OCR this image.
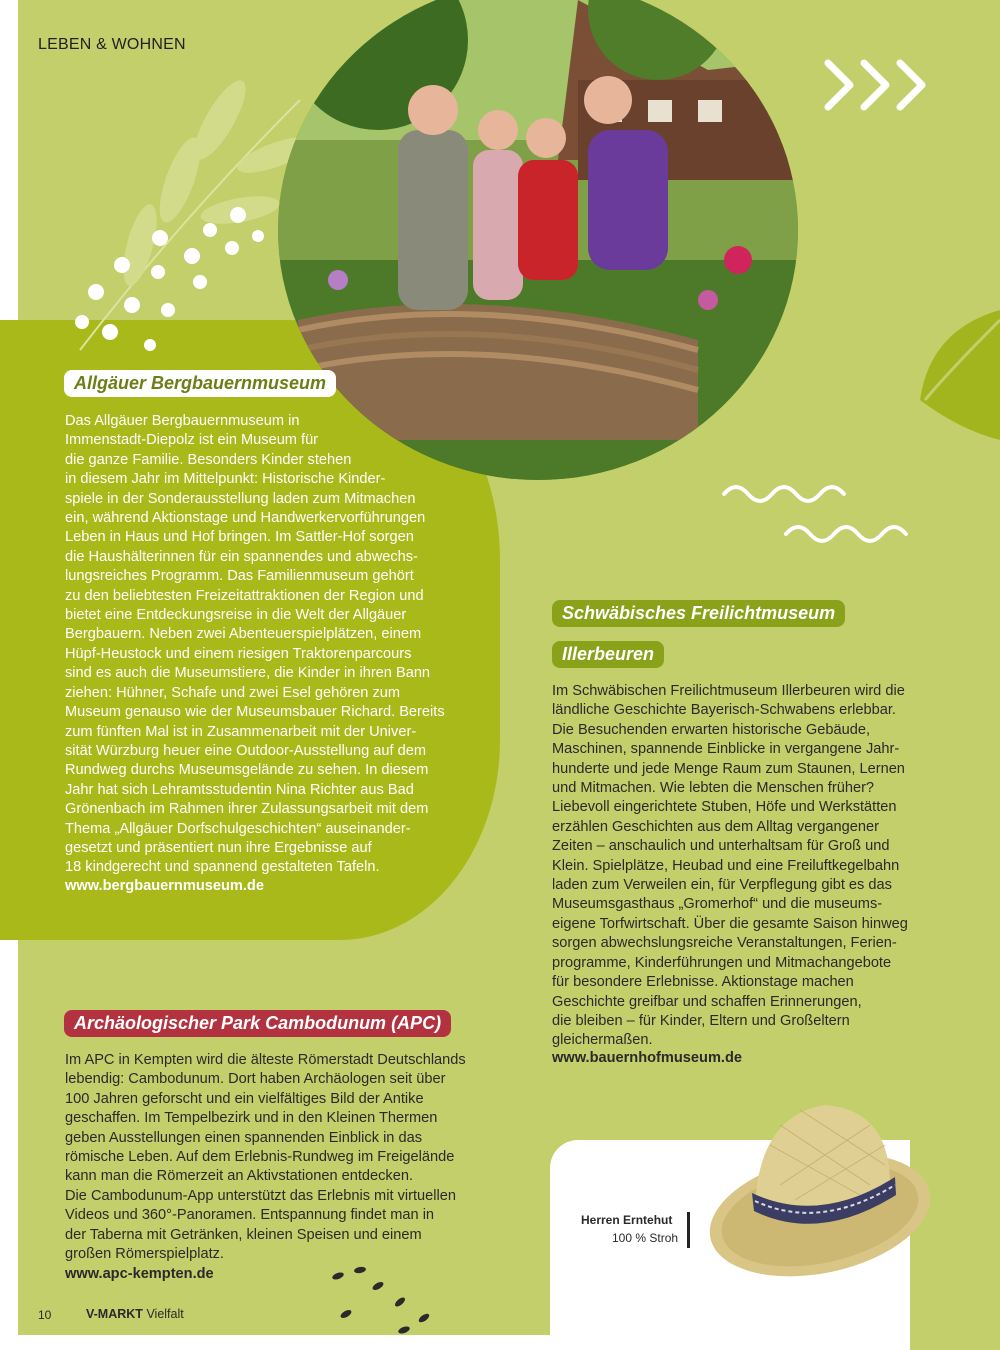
LEBEN & WOHNEN
Allgäuer Bergbauernmuseum
Das Allgäuer Bergbauernmuseum in
Immenstadt-Diepolz ist ein Museum für
die ganze Familie. Besonders Kinder stehen
in diesem Jahr im Mittelpunkt: Historische Kinder-
spiele in der Sonderausstellung laden zum Mitmachen
ein, während Aktionstage und Handwerkervorführungen
Leben in Haus und Hof bringen. Im Sattler-Hof sorgen
die Haushälterinnen für ein spannendes und abwechs-
lungsreiches Programm. Das Familienmuseum gehört
zu den beliebtesten Freizeitattraktionen der Region und
bietet eine Entdeckungsreise in die Welt der Allgäuer
Bergbauern. Neben zwei Abenteuerspielplätzen, einem
Hüpf-Heustock und einem riesigen Traktorenparcours
sind es auch die Museumstiere, die Kinder in ihren Bann
ziehen: Hühner, Schafe und zwei Esel gehören zum
Museum genauso wie der Museumsbauer Richard. Bereits
zum fünften Mal ist in Zusammenarbeit mit der Univer-
sität Würzburg heuer eine Outdoor-Ausstellung auf dem
Rundweg durchs Museumsgelände zu sehen. In diesem
Jahr hat sich Lehramtsstudentin Nina Richter aus Bad
Grönenbach im Rahmen ihrer Zulassungsarbeit mit dem
Thema „Allgäuer Dorfschulgeschichten“ auseinander-
gesetzt und präsentiert nun ihre Ergebnisse auf
18 kindgerecht und spannend gestalteten Tafeln.
www.bergbauernmuseum.de
Schwäbisches Freilichtmuseum
Illerbeuren
Im Schwäbischen Freilichtmuseum Illerbeuren wird die
ländliche Geschichte Bayerisch-Schwabens erlebbar.
Die Besuchenden erwarten historische Gebäude,
Maschinen, spannende Einblicke in vergangene Jahr-
hunderte und jede Menge Raum zum Staunen, Lernen
und Mitmachen. Wie lebten die Menschen früher?
Liebevoll eingerichtete Stuben, Höfe und Werkstätten
erzählen Geschichten aus dem Alltag vergangener
Zeiten – anschaulich und unterhaltsam für Groß und
Klein. Spielplätze, Heubad und eine Freiluftkegelbahn
laden zum Verweilen ein, für Verpflegung gibt es das
Museumsgasthaus „Gromerhof“ und die museums-
eigene Torfwirtschaft. Über die gesamte Saison hinweg
sorgen abwechslungsreiche Veranstaltungen, Ferien-
programme, Kinderführungen und Mitmachangebote
für besondere Erlebnisse. Aktionstage machen
Geschichte greifbar und schaffen Erinnerungen,
die bleiben – für Kinder, Eltern und Großeltern
gleichermaßen.
www.bauernhofmuseum.de
Archäologischer Park Cambodunum (APC)
Im APC in Kempten wird die älteste Römerstadt Deutschlands
lebendig: Cambodunum. Dort haben Archäologen seit über
100 Jahren geforscht und ein vielfältiges Bild der Antike
geschaffen. Im Tempelbezirk und in den Kleinen Thermen
geben Ausstellungen einen spannenden Einblick in das
römische Leben. Auf dem Erlebnis-Rundweg im Freigelände
kann man die Römerzeit an Aktivstationen entdecken.
Die Cambodunum-App unterstützt das Erlebnis mit virtuellen
Videos und 360°-Panoramen. Entspannung findet man in
der Taberna mit Getränken, kleinen Speisen und einem
großen Römerspielplatz.
www.apc-kempten.de
Herren Erntehut
100 % Stroh
10	V-MARKT Vielfalt
